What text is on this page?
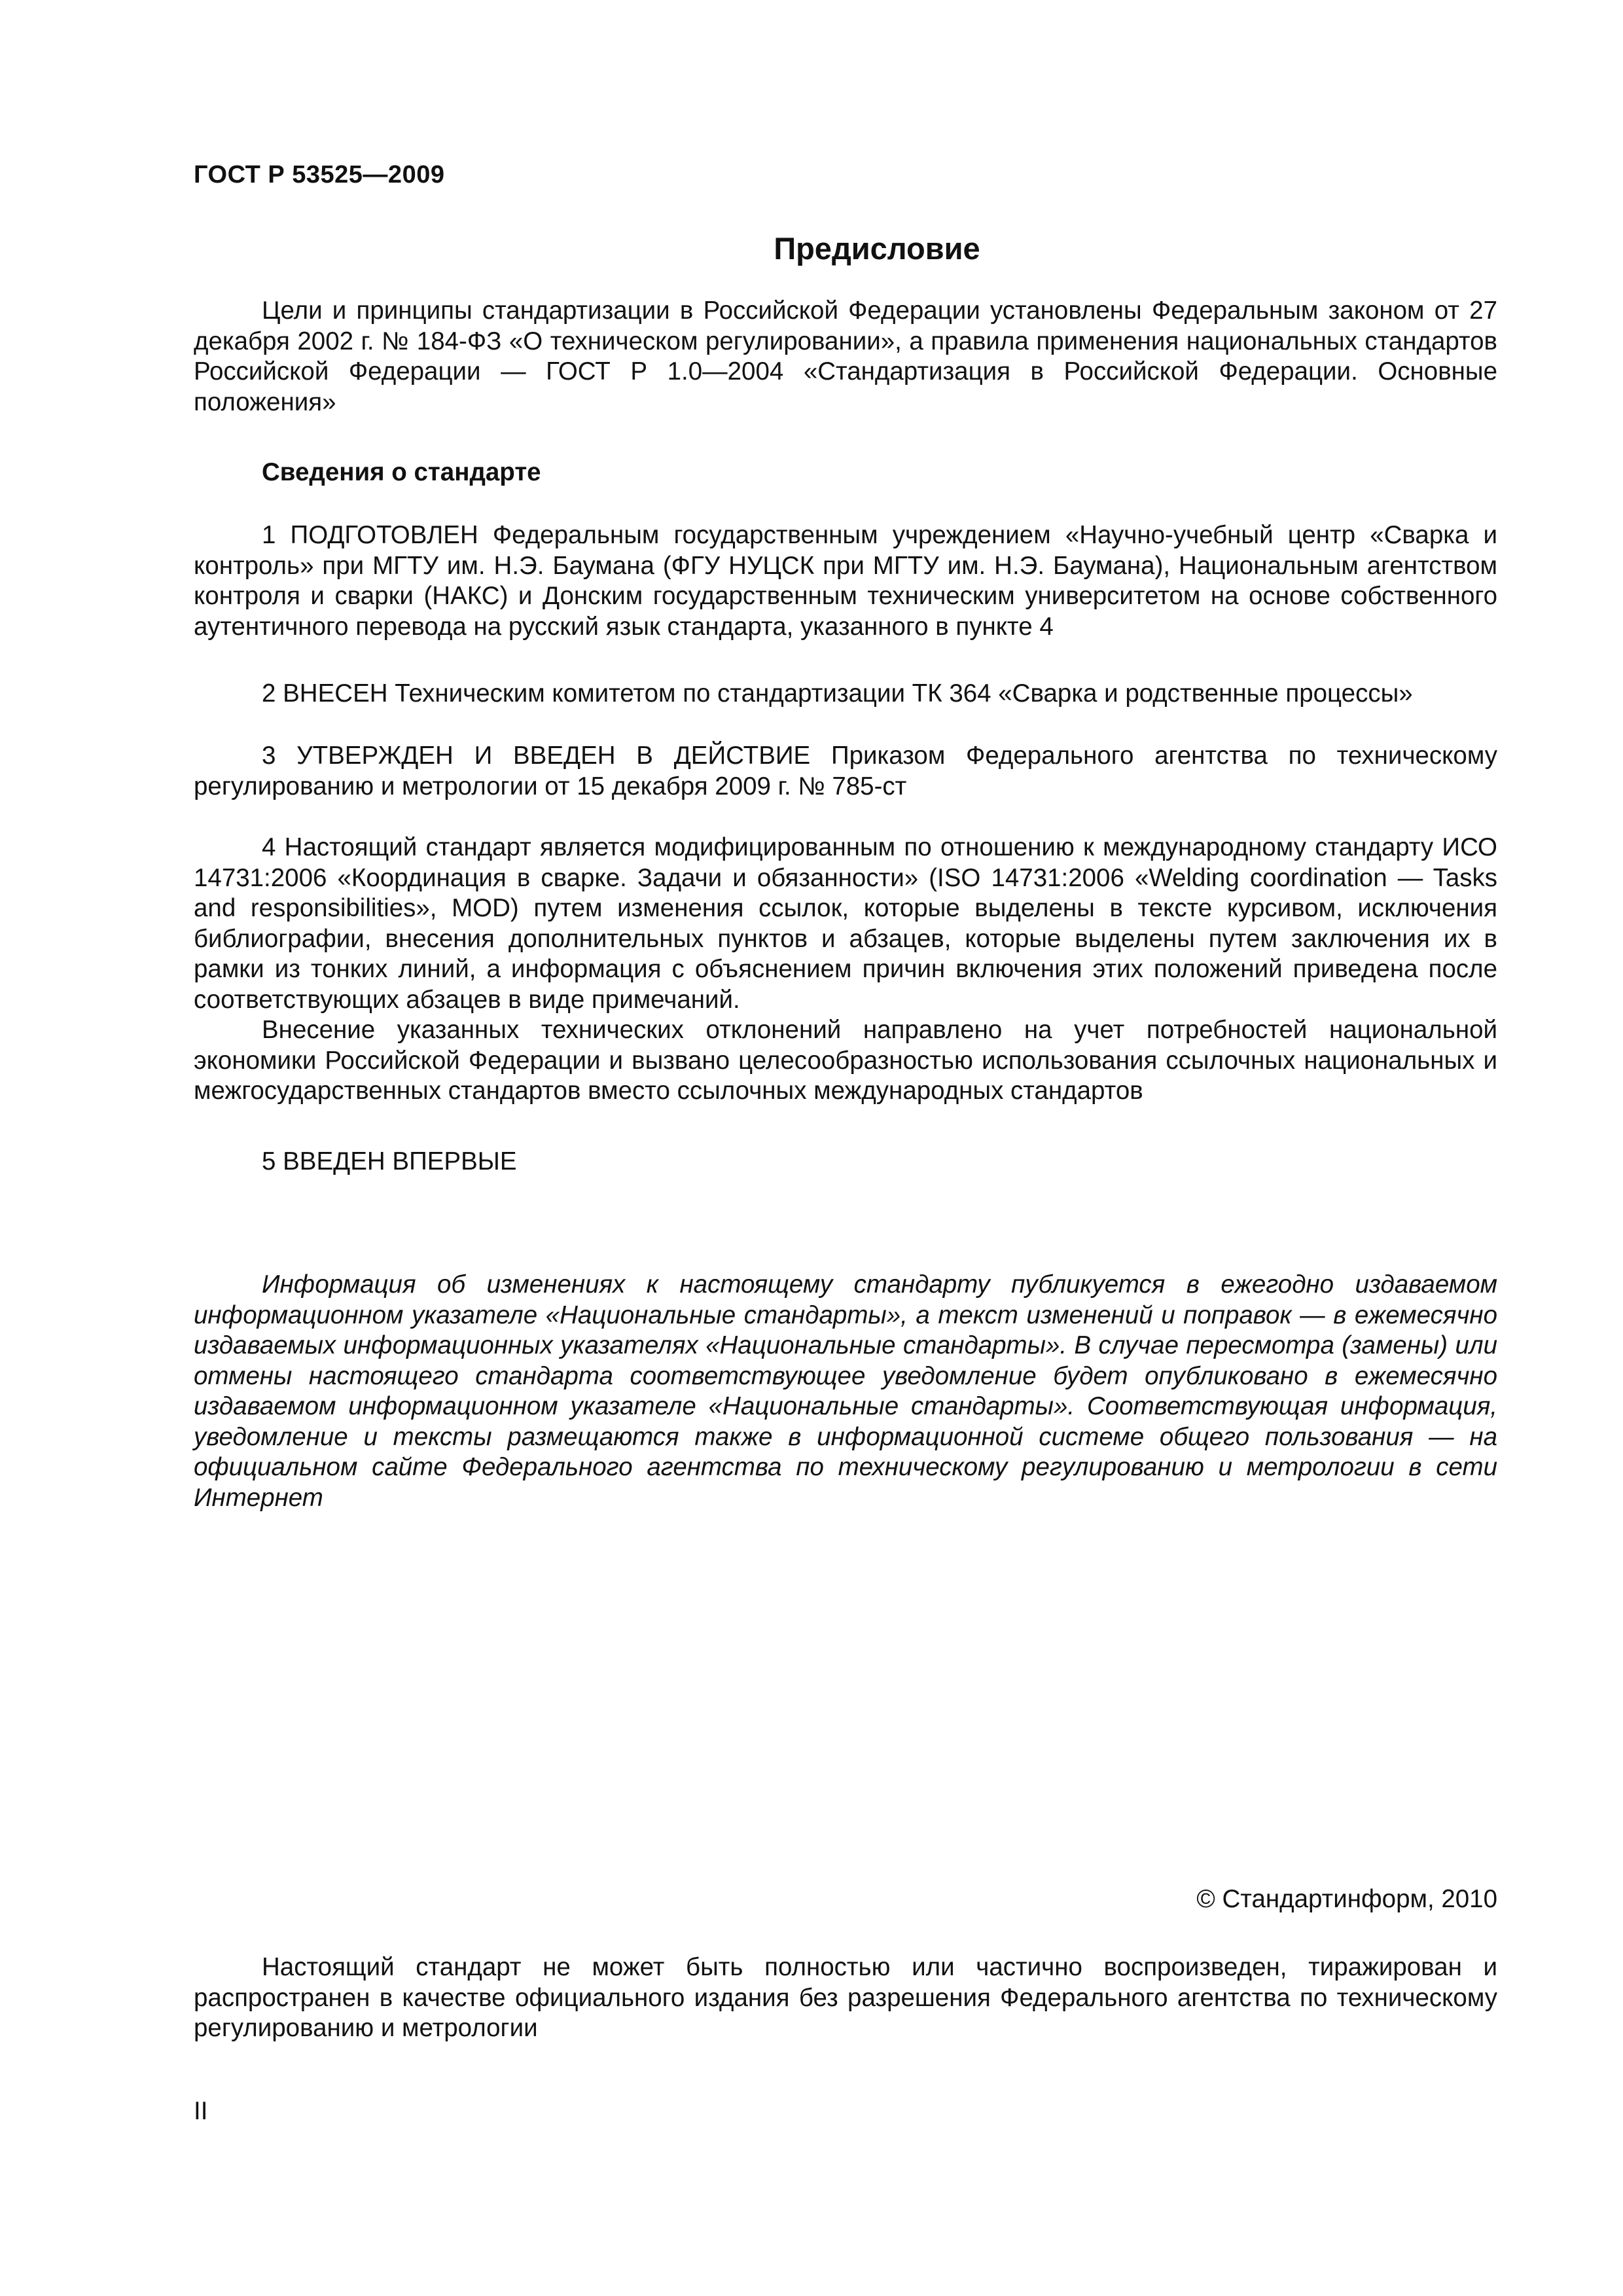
ГОСТ Р 53525—2009
Предисловие

Цели и принципы стандартизации в Российской Федерации установлены Федеральным законом от 27 декабря 2002 г. № 184-ФЗ «О техническом регулировании», а правила применения национальных стандартов Российской Федерации — ГОСТ Р 1.0—2004 «Стандартизация в Российской Федерации. Основные положения»

Сведения о стандарте

1 ПОДГОТОВЛЕН Федеральным государственным учреждением «Научно-учебный центр «Сварка и контроль» при МГТУ им. Н.Э. Баумана (ФГУ НУЦСК при МГТУ им. Н.Э. Баумана), Национальным агентством контроля и сварки (НАКС) и Донским государственным техническим университетом на основе собственного аутентичного перевода на русский язык стандарта, указанного в пункте 4

2 ВНЕСЕН Техническим комитетом по стандартизации ТК 364 «Сварка и родственные процессы»

3 УТВЕРЖДЕН И ВВЕДЕН В ДЕЙСТВИЕ Приказом Федерального агентства по техническому регулированию и метрологии от 15 декабря 2009 г. № 785-ст

4 Настоящий стандарт является модифицированным по отношению к международному стандарту ИСО 14731:2006 «Координация в сварке. Задачи и обязанности» (ISO 14731:2006 «Welding coordination — Tasks and responsibilities», MOD) путем изменения ссылок, которые выделены в тексте курсивом, исключения библиографии, внесения дополнительных пунктов и абзацев, которые выделены путем заключения их в рамки из тонких линий, а информация с объяснением причин включения этих положений приведена после соответствующих абзацев в виде примечаний.

Внесение указанных технических отклонений направлено на учет потребностей национальной экономики Российской Федерации и вызвано целесообразностью использования ссылочных национальных и межгосударственных стандартов вместо ссылочных международных стандартов

5 ВВЕДЕН ВПЕРВЫЕ

Информация об изменениях к настоящему стандарту публикуется в ежегодно издаваемом информационном указателе «Национальные стандарты», а текст изменений и поправок — в ежемесячно издаваемых информационных указателях «Национальные стандарты». В случае пересмотра (замены) или отмены настоящего стандарта соответствующее уведомление будет опубликовано в ежемесячно издаваемом информационном указателе «Национальные стандарты». Соответствующая информация, уведомление и тексты размещаются также в информационной системе общего пользования — на официальном сайте Федерального агентства по техническому регулированию и метрологии в сети Интернет

© Стандартинформ, 2010

Настоящий стандарт не может быть полностью или частично воспроизведен, тиражирован и распространен в качестве официального издания без разрешения Федерального агентства по техническому регулированию и метрологии

II
